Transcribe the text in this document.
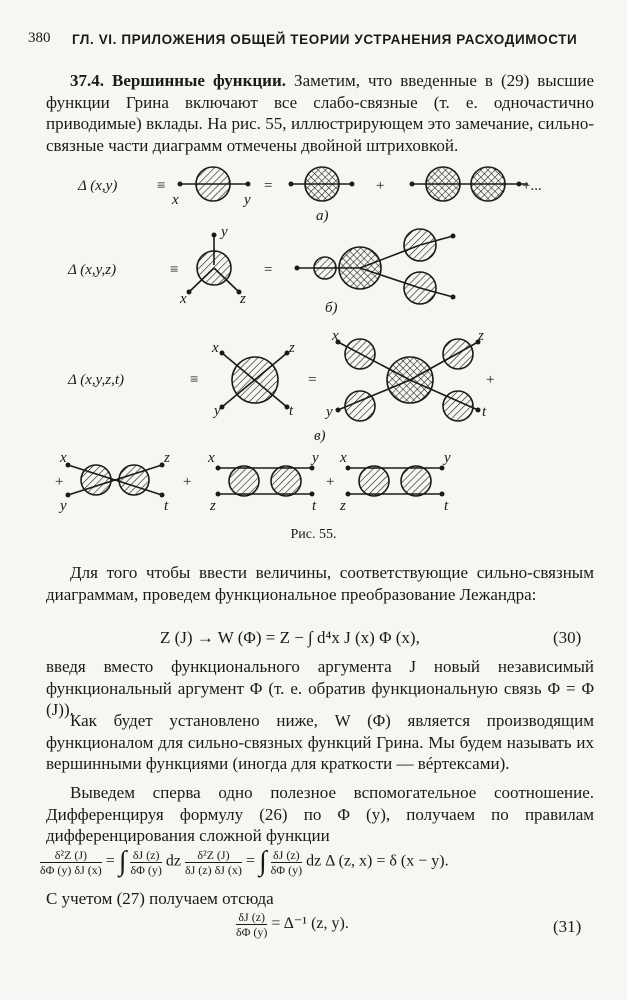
380 ГЛ. VI. ПРИЛОЖЕНИЯ ОБЩЕЙ ТЕОРИИ УСТРАНЕНИЯ РАСХОДИМОСТИ
37.4. Вершинные функции. Заметим, что введенные в (29) высшие функции Грина включают все слабо-связные (т. е. одночастично приводимые) вклады. На рис. 55, иллюстрирующем это замечание, сильно-связные части диаграмм отмечены двойной штриховкой.
Δ (x,y)	≡
x	y
=	+	+...
а)
Δ (x,y,z)	≡
y
x	z
=
б)
Δ (x,y,z,t)	≡
x	z
y	t
=
x	z
y	t
+
в)
+
x	z
y	t
+
x	y
z	t
+
x	y
z	t
Рис. 55.
Для того чтобы ввести величины, соответствующие сильно-связным диаграммам, проведем функциональное преобразование Лежандра:
Z (J) → W (Φ) = Z − ∫ d⁴x J (x) Φ (x),	(30)
введя вместо функционального аргумента J новый независимый функциональный аргумент Φ (т. е. обратив функциональную связь Φ = Φ (J)).
Как будет установлено ниже, W (Φ) является производящим функционалом для сильно-связных функций Грина. Мы будем называть их вершинными функциями (иногда для краткости — вéртексами).
Выведем сперва одно полезное вспомогательное соотношение. Дифференцируя формулу (26) по Φ (y), получаем по правилам дифференцирования сложной функции
$\frac{\text{δ²Z (J)}}{\delta\Phi (y) \delta J (x)}$ = ∫ $\frac{\delta J (z)}{\delta\Phi (y)}$ dz $\frac{\text{δ²Z (J)}}{\delta J (z) \delta J (x)}$ = ∫ $\frac{\delta J (z)}{\delta\Phi (y)}$ dz Δ (z, x) = δ (x − y).
С учетом (27) получаем отсюда
$\frac{\delta J (z)}{\delta\Phi (y)} = \Delta^{-1}$ (z, y).	(31)
